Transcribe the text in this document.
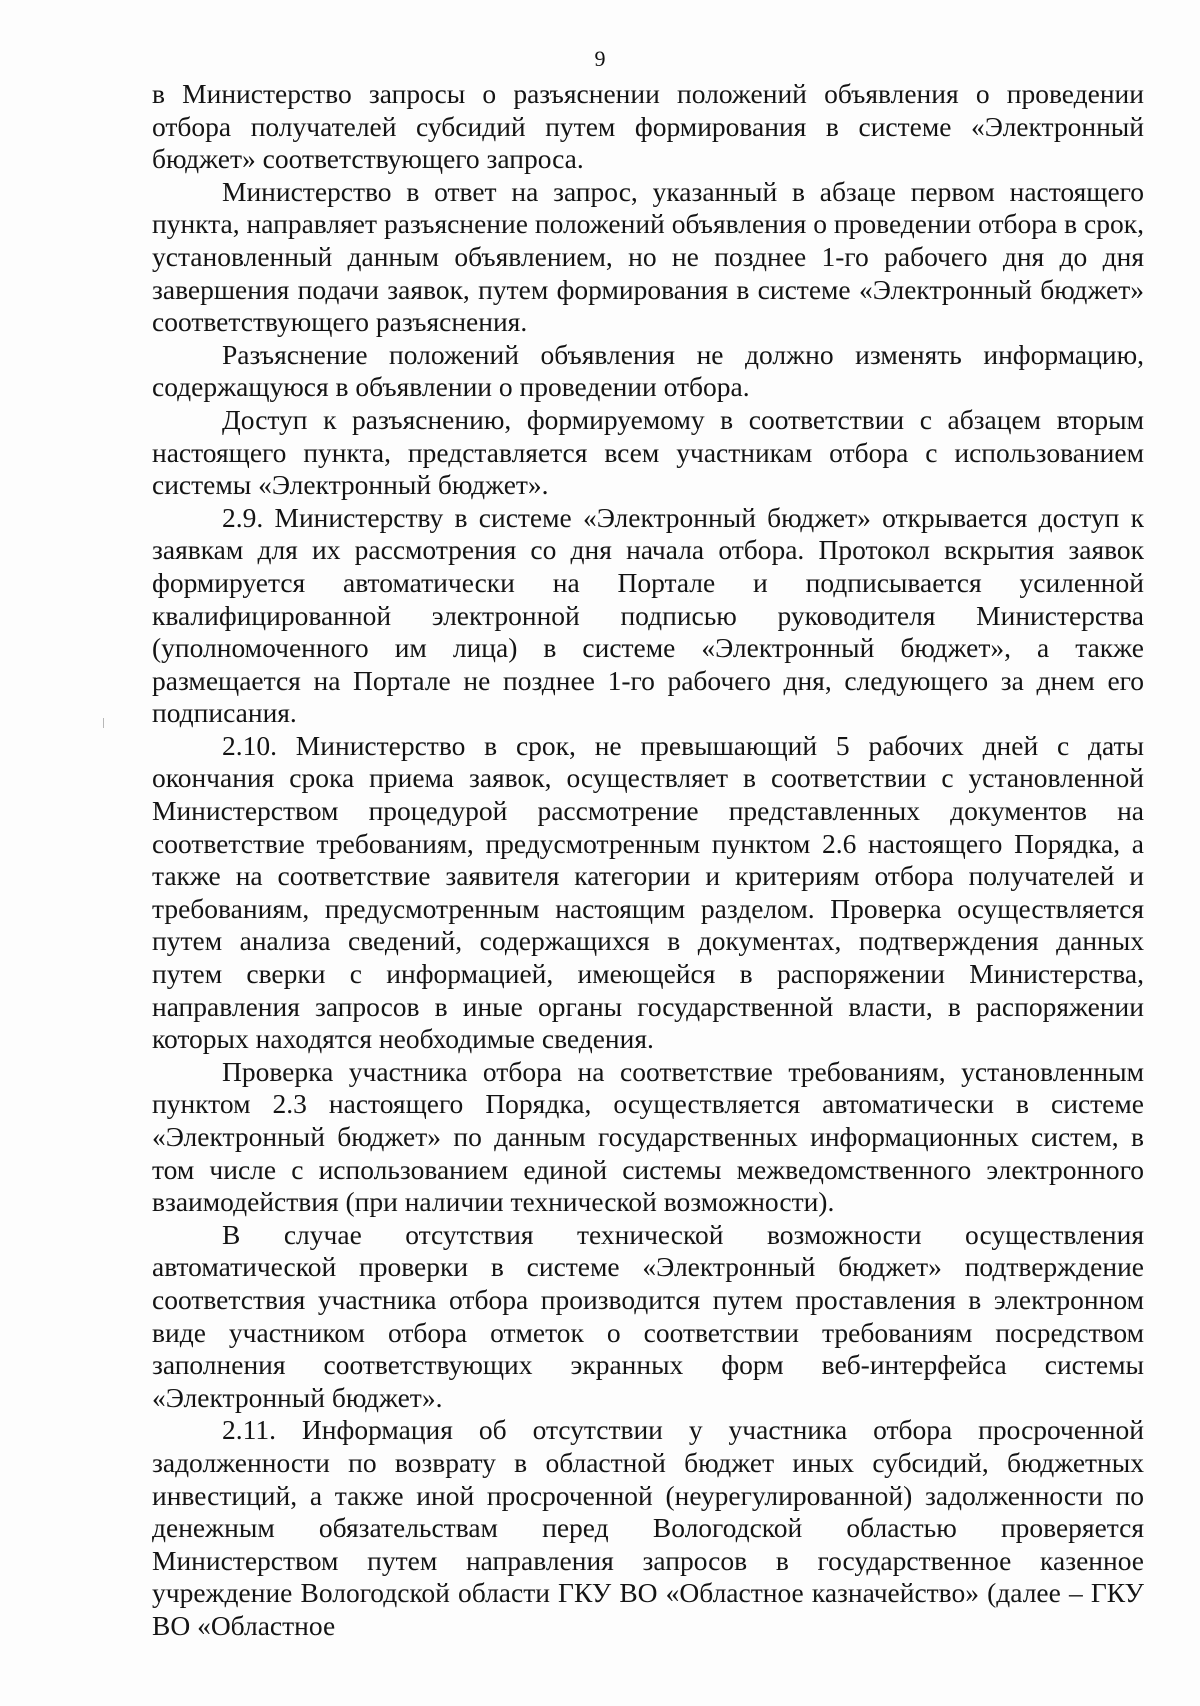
9

в Министерство запросы о разъяснении положений объявления о проведении отбора получателей субсидий путем формирования в системе «Электронный бюджет» соответствующего запроса.

Министерство в ответ на запрос, указанный в абзаце первом настоящего пункта, направляет разъяснение положений объявления о проведении отбора в срок, установленный данным объявлением, но не позднее 1-го рабочего дня до дня завершения подачи заявок, путем формирования в системе «Электронный бюджет» соответствующего разъяснения.

Разъяснение положений объявления не должно изменять информацию, содержащуюся в объявлении о проведении отбора.

Доступ к разъяснению, формируемому в соответствии с абзацем вторым настоящего пункта, представляется всем участникам отбора с использованием системы «Электронный бюджет».

2.9. Министерству в системе «Электронный бюджет» открывается доступ к заявкам для их рассмотрения со дня начала отбора. Протокол вскрытия заявок формируется автоматически на Портале и подписывается усиленной квалифицированной электронной подписью руководителя Министерства (уполномоченного им лица) в системе «Электронный бюджет», а также размещается на Портале не позднее 1-го рабочего дня, следующего за днем его подписания.

2.10. Министерство в срок, не превышающий 5 рабочих дней с даты окончания срока приема заявок, осуществляет в соответствии с установленной Министерством процедурой рассмотрение представленных документов на соответствие требованиям, предусмотренным пунктом 2.6 настоящего Порядка, а также на соответствие заявителя категории и критериям отбора получателей и требованиям, предусмотренным настоящим разделом. Проверка осуществляется путем анализа сведений, содержащихся в документах, подтверждения данных путем сверки с информацией, имеющейся в распоряжении Министерства, направления запросов в иные органы государственной власти, в распоряжении которых находятся необходимые сведения.

Проверка участника отбора на соответствие требованиям, установленным пунктом 2.3 настоящего Порядка, осуществляется автоматически в системе «Электронный бюджет» по данным государственных информационных систем, в том числе с использованием единой системы межведомственного электронного взаимодействия (при наличии технической возможности).

В случае отсутствия технической возможности осуществления автоматической проверки в системе «Электронный бюджет» подтверждение соответствия участника отбора производится путем проставления в электронном виде участником отбора отметок о соответствии требованиям посредством заполнения соответствующих экранных форм веб-интерфейса системы «Электронный бюджет».

2.11. Информация об отсутствии у участника отбора просроченной задолженности по возврату в областной бюджет иных субсидий, бюджетных инвестиций, а также иной просроченной (неурегулированной) задолженности по денежным обязательствам перед Вологодской областью проверяется Министерством путем направления запросов в государственное казенное учреждение Вологодской области ГКУ ВО «Областное казначейство» (далее – ГКУ ВО «Областное
